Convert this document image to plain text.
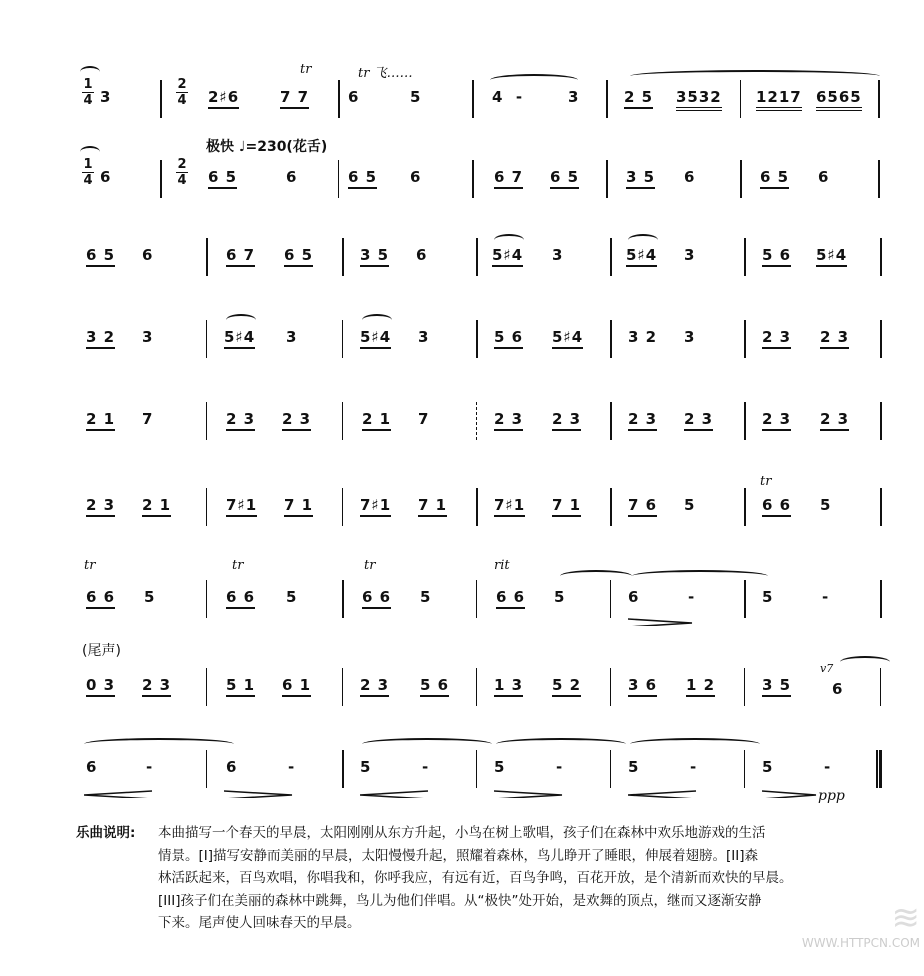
1
4 3
2
4 2♯6
tr
7 7
tr 飞……
6	5	4  -	3	2 5 3532 1217 6565
极快 ♩=230(花舌)
1
4 6
2
4 6 5	6	6 5 6	6 7 6 5	3 5 6	6 5 6
6 5 6	6 7 6 5	3 5 6	5♯4 3	5♯4 3	5 6 5♯4
3 2 3	5♯4 3	5♯4 3	5 6 5♯4	3 2 3	2 3 2 3
2 1 7	2 3 2 3	2 1 7	2 3 2 3	2 3 2 3	2 3 2 3
2 3 2 1	7♯1 7 1	7♯1 7 1	7♯1 7 1	7 6 5
tr
6 6 5
tr
6 6 5
tr
6 6 5
tr
6 6 5
rit
6 6 5	6	-	5	-
(尾声)
0 3 2 3	5 1 6 1	2 3 5 6	1 3 5 2	3 6 1 2	3 5
v7
6
6	-	6	-	5	-	5	-	5	-	5	-
ppp
乐曲说明:	本曲描写一个春天的早晨，太阳刚刚从东方升起，小鸟在树上歌唱，孩子们在森林中欢乐地游戏的生活
情景。[I]描写安静而美丽的早晨，太阳慢慢升起，照耀着森林，鸟儿睁开了睡眼，伸展着翅膀。[II]森
林活跃起来，百鸟欢唱，你唱我和，你呼我应，有远有近，百鸟争鸣，百花开放，是个清新而欢快的早晨。
[III]孩子们在美丽的森林中跳舞，鸟儿为他们伴唱。从“极快”处开始，是欢舞的顶点，继而又逐渐安静
下来。尾声使人回味春天的早晨。	≋
WWW.HTTPCN.COM
